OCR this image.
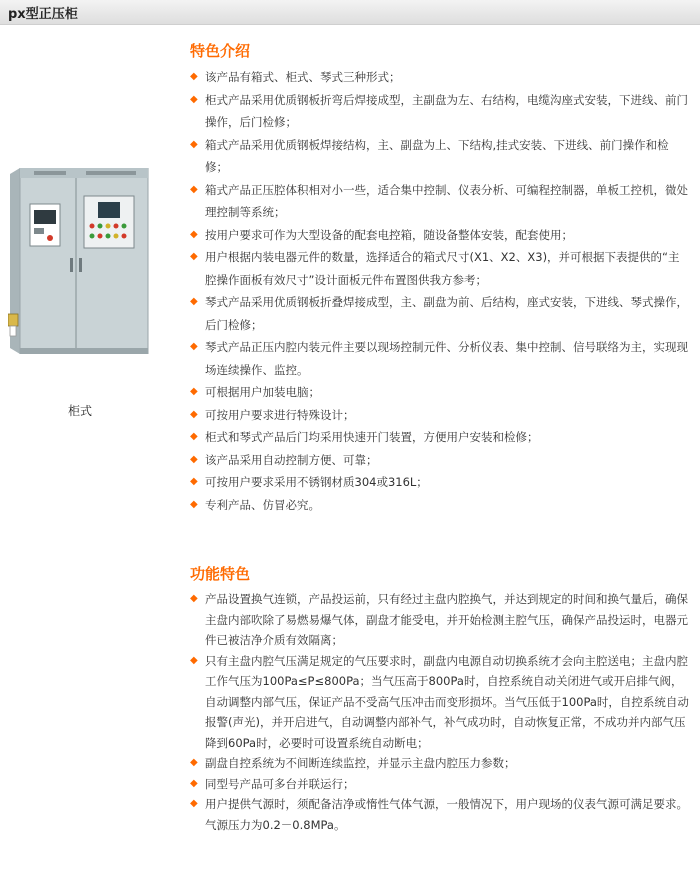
px型正压柜
柜式
特色介绍
◆ 该产品有箱式、柜式、琴式三种形式；
◆ 柜式产品采用优质钢板折弯后焊接成型，主副盘为左、右结构，电缆沟座式安装，下进线、前门操作，后门检修；
◆ 箱式产品采用优质钢板焊接结构，主、副盘为上、下结构,挂式安装、下进线、前门操作和检修；
◆ 箱式产品正压腔体积相对小一些，适合集中控制、仪表分析、可编程控制器，单板工控机，微处理控制等系统；
◆ 按用户要求可作为大型设备的配套电控箱，随设备整体安装，配套使用；
◆ 用户根据内装电器元件的数量，选择适合的箱式尺寸(X1、X2、X3)，并可根据下表提供的“主腔操作面板有效尺寸”设计面板元件布置图供我方参考；
◆ 琴式产品采用优质钢板折叠焊接成型，主、副盘为前、后结构，座式安装，下进线、琴式操作，后门检修；
◆ 琴式产品正压内腔内装元件主要以现场控制元件、分析仪表、集中控制、信号联络为主，实现现场连续操作、监控。
◆ 可根据用户加装电脑；
◆ 可按用户要求进行特殊设计；
◆ 柜式和琴式产品后门均采用快速开门装置，方便用户安装和检修；
◆ 该产品采用自动控制方便、可靠；
◆ 可按用户要求采用不锈钢材质304或316L；
◆ 专利产品、仿冒必究。
功能特色
◆ 产品设置换气连锁，产品投运前，只有经过主盘内腔换气，并达到规定的时间和换气量后，确保主盘内部吹除了易燃易爆气体，副盘才能受电，并开始检测主腔气压，确保产品投运时，电器元件已被洁净介质有效隔离；
◆ 只有主盘内腔气压满足规定的气压要求时，副盘内电源自动切换系统才会向主腔送电；主盘内腔工作气压为100Pa≤P≤800Pa；当气压高于800Pa时，自控系统自动关闭进气或开启排气阀，自动调整内部气压，保证产品不受高气压冲击而变形损坏。当气压低于100Pa时，自控系统自动报警(声光)，并开启进气，自动调整内部补气，补气成功时，自动恢复正常，不成功并内部气压降到60Pa时，必要时可设置系统自动断电；
◆ 副盘自控系统为不间断连续监控，并显示主盘内腔压力参数；
◆ 同型号产品可多台并联运行；
◆ 用户提供气源时，须配备洁净或惰性气体气源，一般情况下，用户现场的仪表气源可满足要求。气源压力为0.2－0.8MPa。
